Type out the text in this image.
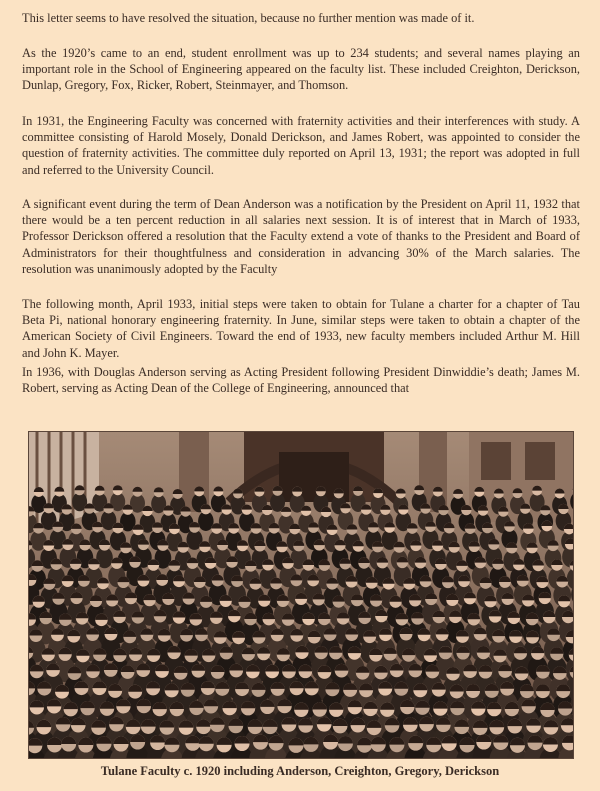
This letter seems to have resolved the situation, because no further mention was made of it.

As the 1920’s came to an end, student enrollment was up to 234 students; and several names playing an important role in the School of Engineering appeared on the faculty list. These included Creighton, Derickson, Dunlap, Gregory, Fox, Ricker, Robert, Steinmayer, and Thomson.

In 1931, the Engineering Faculty was concerned with fraternity activities and their interferences with study. A committee consisting of Harold Mosely, Donald Derickson, and James Robert, was appointed to consider the question of fraternity activities. The committee duly reported on April 13, 1931; the report was adopted in full and referred to the University Council.

A significant event during the term of Dean Anderson was a notification by the President on April 11, 1932 that there would be a ten percent reduction in all salaries next session. It is of interest that in March of 1933, Professor Derickson offered a resolution that the Faculty extend a vote of thanks to the President and Board of Administrators for their thoughtfulness and consideration in advancing 30% of the March salaries. The resolution was unanimously adopted by the Faculty

The following month, April 1933, initial steps were taken to obtain for Tulane a charter for a chapter of Tau Beta Pi, national honorary engineering fraternity. In June, similar steps were taken to obtain a chapter of the American Society of Civil Engineers. Toward the end of 1933, new faculty members included Arthur M. Hill and John K. Mayer.

In 1936, with Douglas Anderson serving as Acting President following President Dinwiddie’s death; James M. Robert, serving as Acting Dean of the College of Engineering, announced that

Tulane Faculty c. 1920 including Anderson, Creighton, Gregory, Derickson
